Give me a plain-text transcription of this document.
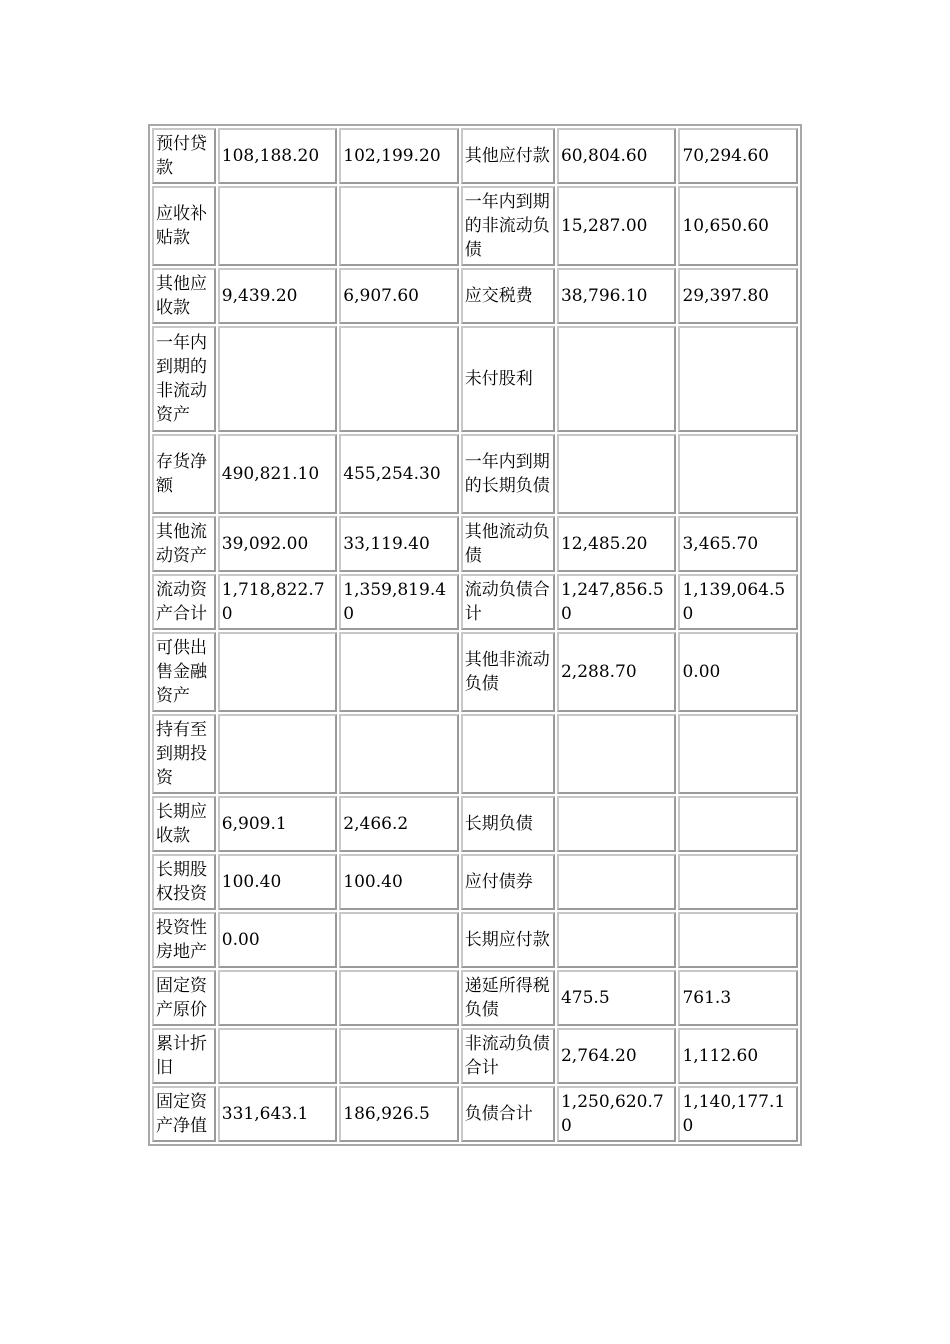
预付贷款	108,188.20	102,199.20	其他应付款	60,804.60	70,294.60
应收补贴款			一年内到期的非流动负债	15,287.00	10,650.60
其他应收款	9,439.20	6,907.60	应交税费	38,796.10	29,397.80
一年内到期的非流动资产			未付股利		
存货净额	490,821.10	455,254.30	一年内到期的长期负债		
其他流动资产	39,092.00	33,119.40	其他流动负债	12,485.20	3,465.70
流动资产合计	1,718,822.70	1,359,819.40	流动负债合计	1,247,856.50	1,139,064.50
可供出售金融资产			其他非流动负债	2,288.70	0.00
持有至到期投资					
长期应收款	6,909.1	2,466.2	长期负债		
长期股权投资	100.40	100.40	应付债券		
投资性房地产	0.00		长期应付款		
固定资产原价			递延所得税负债	475.5	761.3
累计折旧			非流动负债合计	2,764.20	1,112.60
固定资产净值	331,643.1	186,926.5	负债合计	1,250,620.70	1,140,177.10
